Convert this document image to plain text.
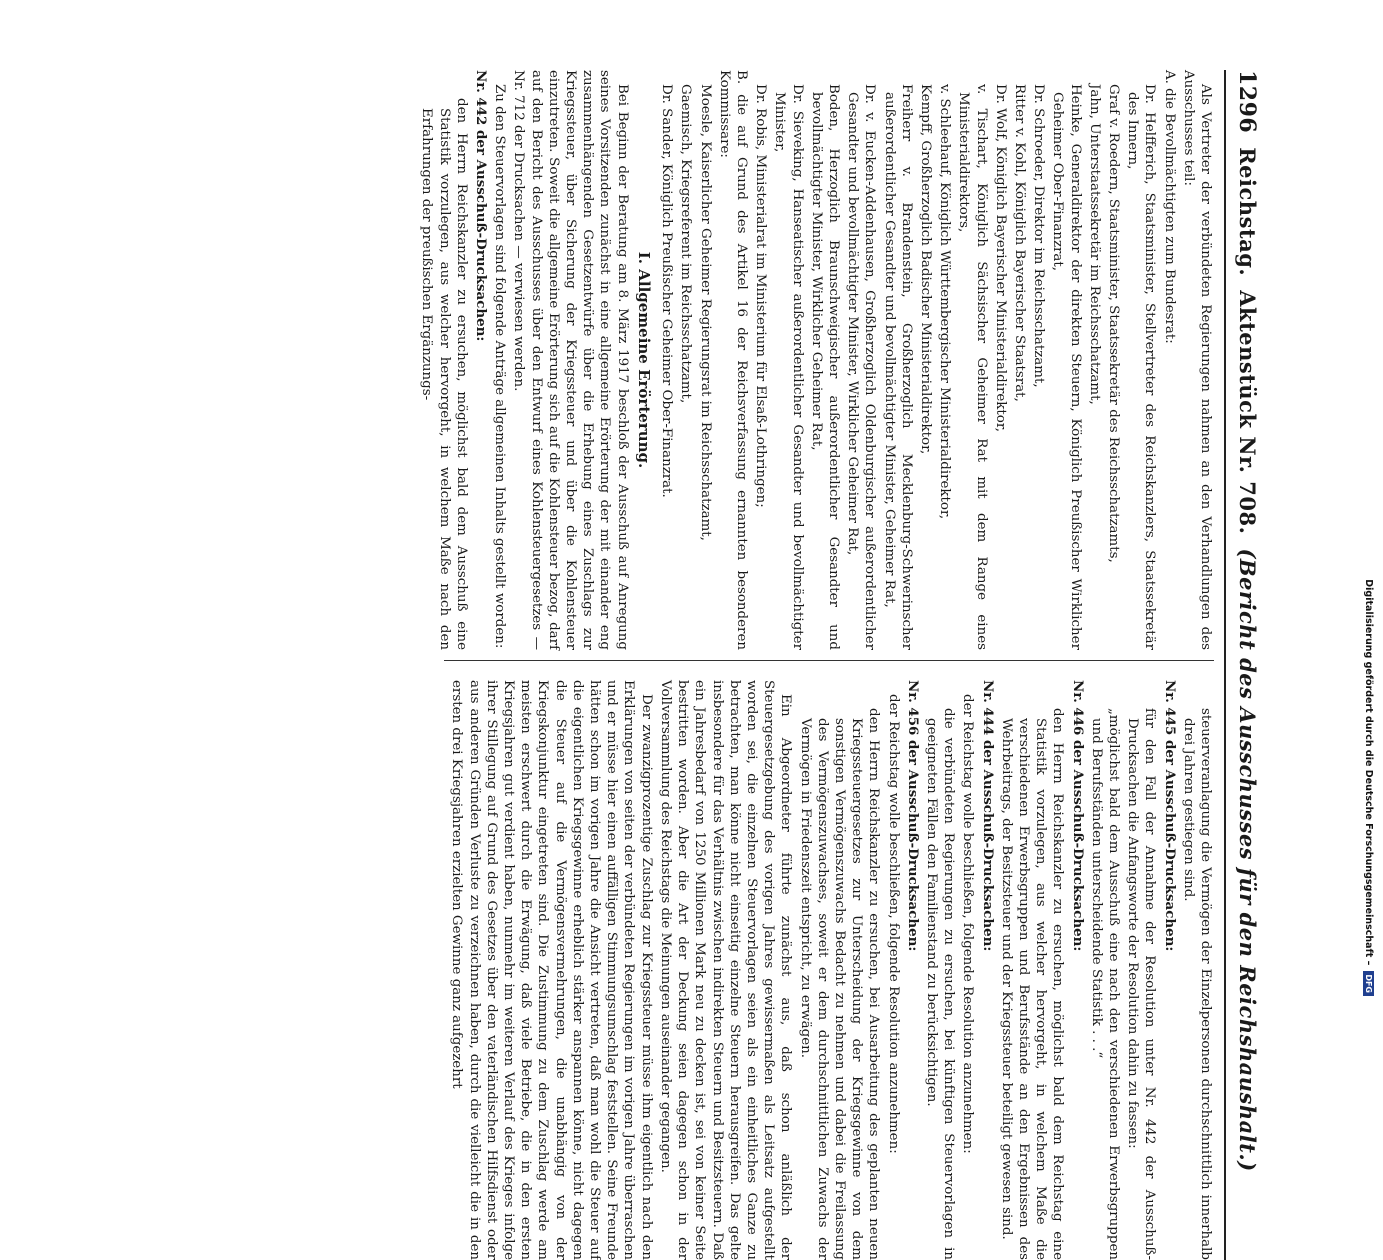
1296
Reichstag.
Aktenstück Nr. 708.
(Bericht des Ausschusses für den Reichshaushalt.)

Als Vertreter der verbündeten Regierungen nahmen an den Verhandlungen des Ausschusses teil:

A. die Bevollmächtigten zum Bundesrat:

Dr. Helfferich, Staatsminister, Stellvertreter des Reichskanzlers, Staatssekretär des Innern,

Graf v. Roedern, Staatsminister, Staatssekretär des Reichsschatzamts,

Jahn, Unterstaatssekretär im Reichsschatzamt,

Heinke, Generaldirektor der direkten Steuern, Königlich Preußischer Wirklicher Geheimer Ober-Finanzrat,

Dr. Schroeder, Direktor im Reichsschatzamt,

Ritter v. Kohl, Königlich Bayerischer Staatsrat,

Dr. Wolf, Königlich Bayerischer Ministerialdirektor,

v. Tischart, Königlich Sächsischer Geheimer Rat mit dem Range eines Ministerialdirektors,

v. Schleehauf, Königlich Württembergischer Ministerialdirektor,

Kempff, Großherzoglich Badischer Ministerialdirektor,

Freiherr v. Brandenstein, Großherzoglich Mecklenburg-Schwerinscher außerordentlicher Gesandter und bevollmächtigter Minister, Geheimer Rat,

Dr. v. Eucken-Addenhausen, Großherzoglich Oldenburgischer außerordentlicher Gesandter und bevollmächtigter Minister, Wirklicher Geheimer Rat,

Boden, Herzoglich Braunschweigischer außerordentlicher Gesandter und bevollmächtigter Minister, Wirklicher Geheimer Rat,

Dr. Sieveking, Hanseatischer außerordentlicher Gesandter und bevollmächtigter Minister,

Dr. Robis, Ministerialrat im Ministerium für Elsaß-Lothringen;

B. die auf Grund des Artikel 16 der Reichsverfassung ernannten besonderen Kommissare:

Moesle, Kaiserlicher Geheimer Regierungsrat im Reichsschatzamt,

Gaemisch, Kriegsreferent im Reichsschatzamt,

Dr. Sander, Königlich Preußischer Geheimer Ober-Finanzrat.

I. Allgemeine Erörterung.

Bei Beginn der Beratung am 8. März 1917 beschloß der Ausschuß auf Anregung seines Vorsitzenden zunächst in eine allgemeine Erörterung der mit einander eng zusammenhängenden Gesetzentwürfe über die Erhebung eines Zuschlags zur Kriegssteuer, über Sicherung der Kriegssteuer und über die Kohlensteuer einzutreten. Soweit die allgemeine Erörterung sich auf die Kohlensteuer bezog, darf auf den Bericht des Ausschusses über den Entwurf eines Kohlensteuergesetzes — Nr. 712 der Drucksachen — verwiesen werden.

Zu den Steuervorlagen sind folgende Anträge allgemeinen Inhalts gestellt worden:

Nr. 442 der Ausschuß-Drucksachen:

den Herrn Reichskanzler zu ersuchen, möglichst bald dem Ausschuß eine Statistik vorzulegen, aus welcher hervorgeht, in welchem Maße nach den Erfahrungen der preußischen Ergänzungs-

steuerveranlagung die Vermögen der Einzelpersonen durchschnittlich innerhalb drei Jahren gestiegen sind.

Nr. 445 der Ausschuß-Drucksachen:

für den Fall der Annahme der Resolution unter Nr. 442 der Ausschuß-Drucksachen die Anfangsworte der Resolution dahin zu fassen:

„möglichst bald dem Ausschuß eine nach den verschiedenen Erwerbsgruppen und Berufsständen unterscheidende Statistik . . .“

Nr. 446 der Ausschuß-Drucksachen:

den Herrn Reichskanzler zu ersuchen, möglichst bald dem Reichstag eine Statistik vorzulegen, aus welcher hervorgeht, in welchem Maße die verschiedenen Erwerbsgruppen und Berufsstände an den Ergebnissen des Wehrbeitrags, der Besitzsteuer und der Kriegssteuer beteiligt gewesen sind.

Nr. 444 der Ausschuß-Drucksachen:

der Reichstag wolle beschließen, folgende Resolution anzunehmen:

die verbündeten Regierungen zu ersuchen, bei künftigen Steuervorlagen in geeigneten Fällen den Familienstand zu berücksichtigen.

Nr. 456 der Ausschuß-Drucksachen:

der Reichstag wolle beschließen, folgende Resolution anzunehmen:

den Herrn Reichskanzler zu ersuchen, bei Ausarbeitung des geplanten neuen Kriegssteuergesetzes zur Unterscheidung der Kriegsgewinne von dem sonstigen Vermögenszuwachs Bedacht zu nehmen und dabei die Freilassung des Vermögenszuwachses, soweit er dem durchschnittlichen Zuwachs der Vermögen in Friedenszeit entspricht, zu erwägen.

Ein Abgeordneter führte zunächst aus, daß schon anläßlich der Steuergesetzgebung des vorigen Jahres gewissermaßen als Leitsatz aufgestellt worden sei, die einzelnen Steuervorlagen seien als ein einheitliches Ganze zu betrachten, man könne nicht einseitig einzelne Steuern herausgreifen. Das gelte insbesondere für das Verhältnis zwischen indirekten Steuern und Besitzsteuern. Daß ein Jahresbedarf von 1250 Millionen Mark neu zu decken ist, sei von keiner Seite bestritten worden. Aber die Art der Deckung seien dagegen schon in der Vollversammlung des Reichstags die Meinungen auseinander gegangen.

Der zwanzigprozentige Zuschlag zur Kriegssteuer müsse ihm eigentlich nach den Erklärungen von seiten der verbündeten Regierungen im vorigen Jahre überraschen und er müsse hier einen auffälligen Stimmungsumschlag feststellen. Seine Freunde hätten schon im vorigen Jahre die Ansicht vertreten, daß man wohl die Steuer auf die eigentlichen Kriegsgewinne erheblich stärker anspannen könne, nicht dagegen die Steuer auf die Vermögensvermehrungen, die unabhängig von der Kriegskonjunktur eingetreten sind. Die Zustimmung zu dem Zuschlag werde am meisten erschwert durch die Erwägung, daß viele Betriebe, die in den ersten Kriegsjahren gut verdient haben, nunmehr im weiteren Verlauf des Krieges infolge ihrer Stillegung auf Grund des Gesetzes über den vaterländischen Hilfsdienst oder aus anderen Gründen Verluste zu verzeichnen haben, durch die vielleicht die in den ersten drei Kriegsjahren erzielten Gewinne ganz aufgezehrt	Digitalisierung gefördert durch die Deutsche Forschungsgemeinschaft –
DFG
